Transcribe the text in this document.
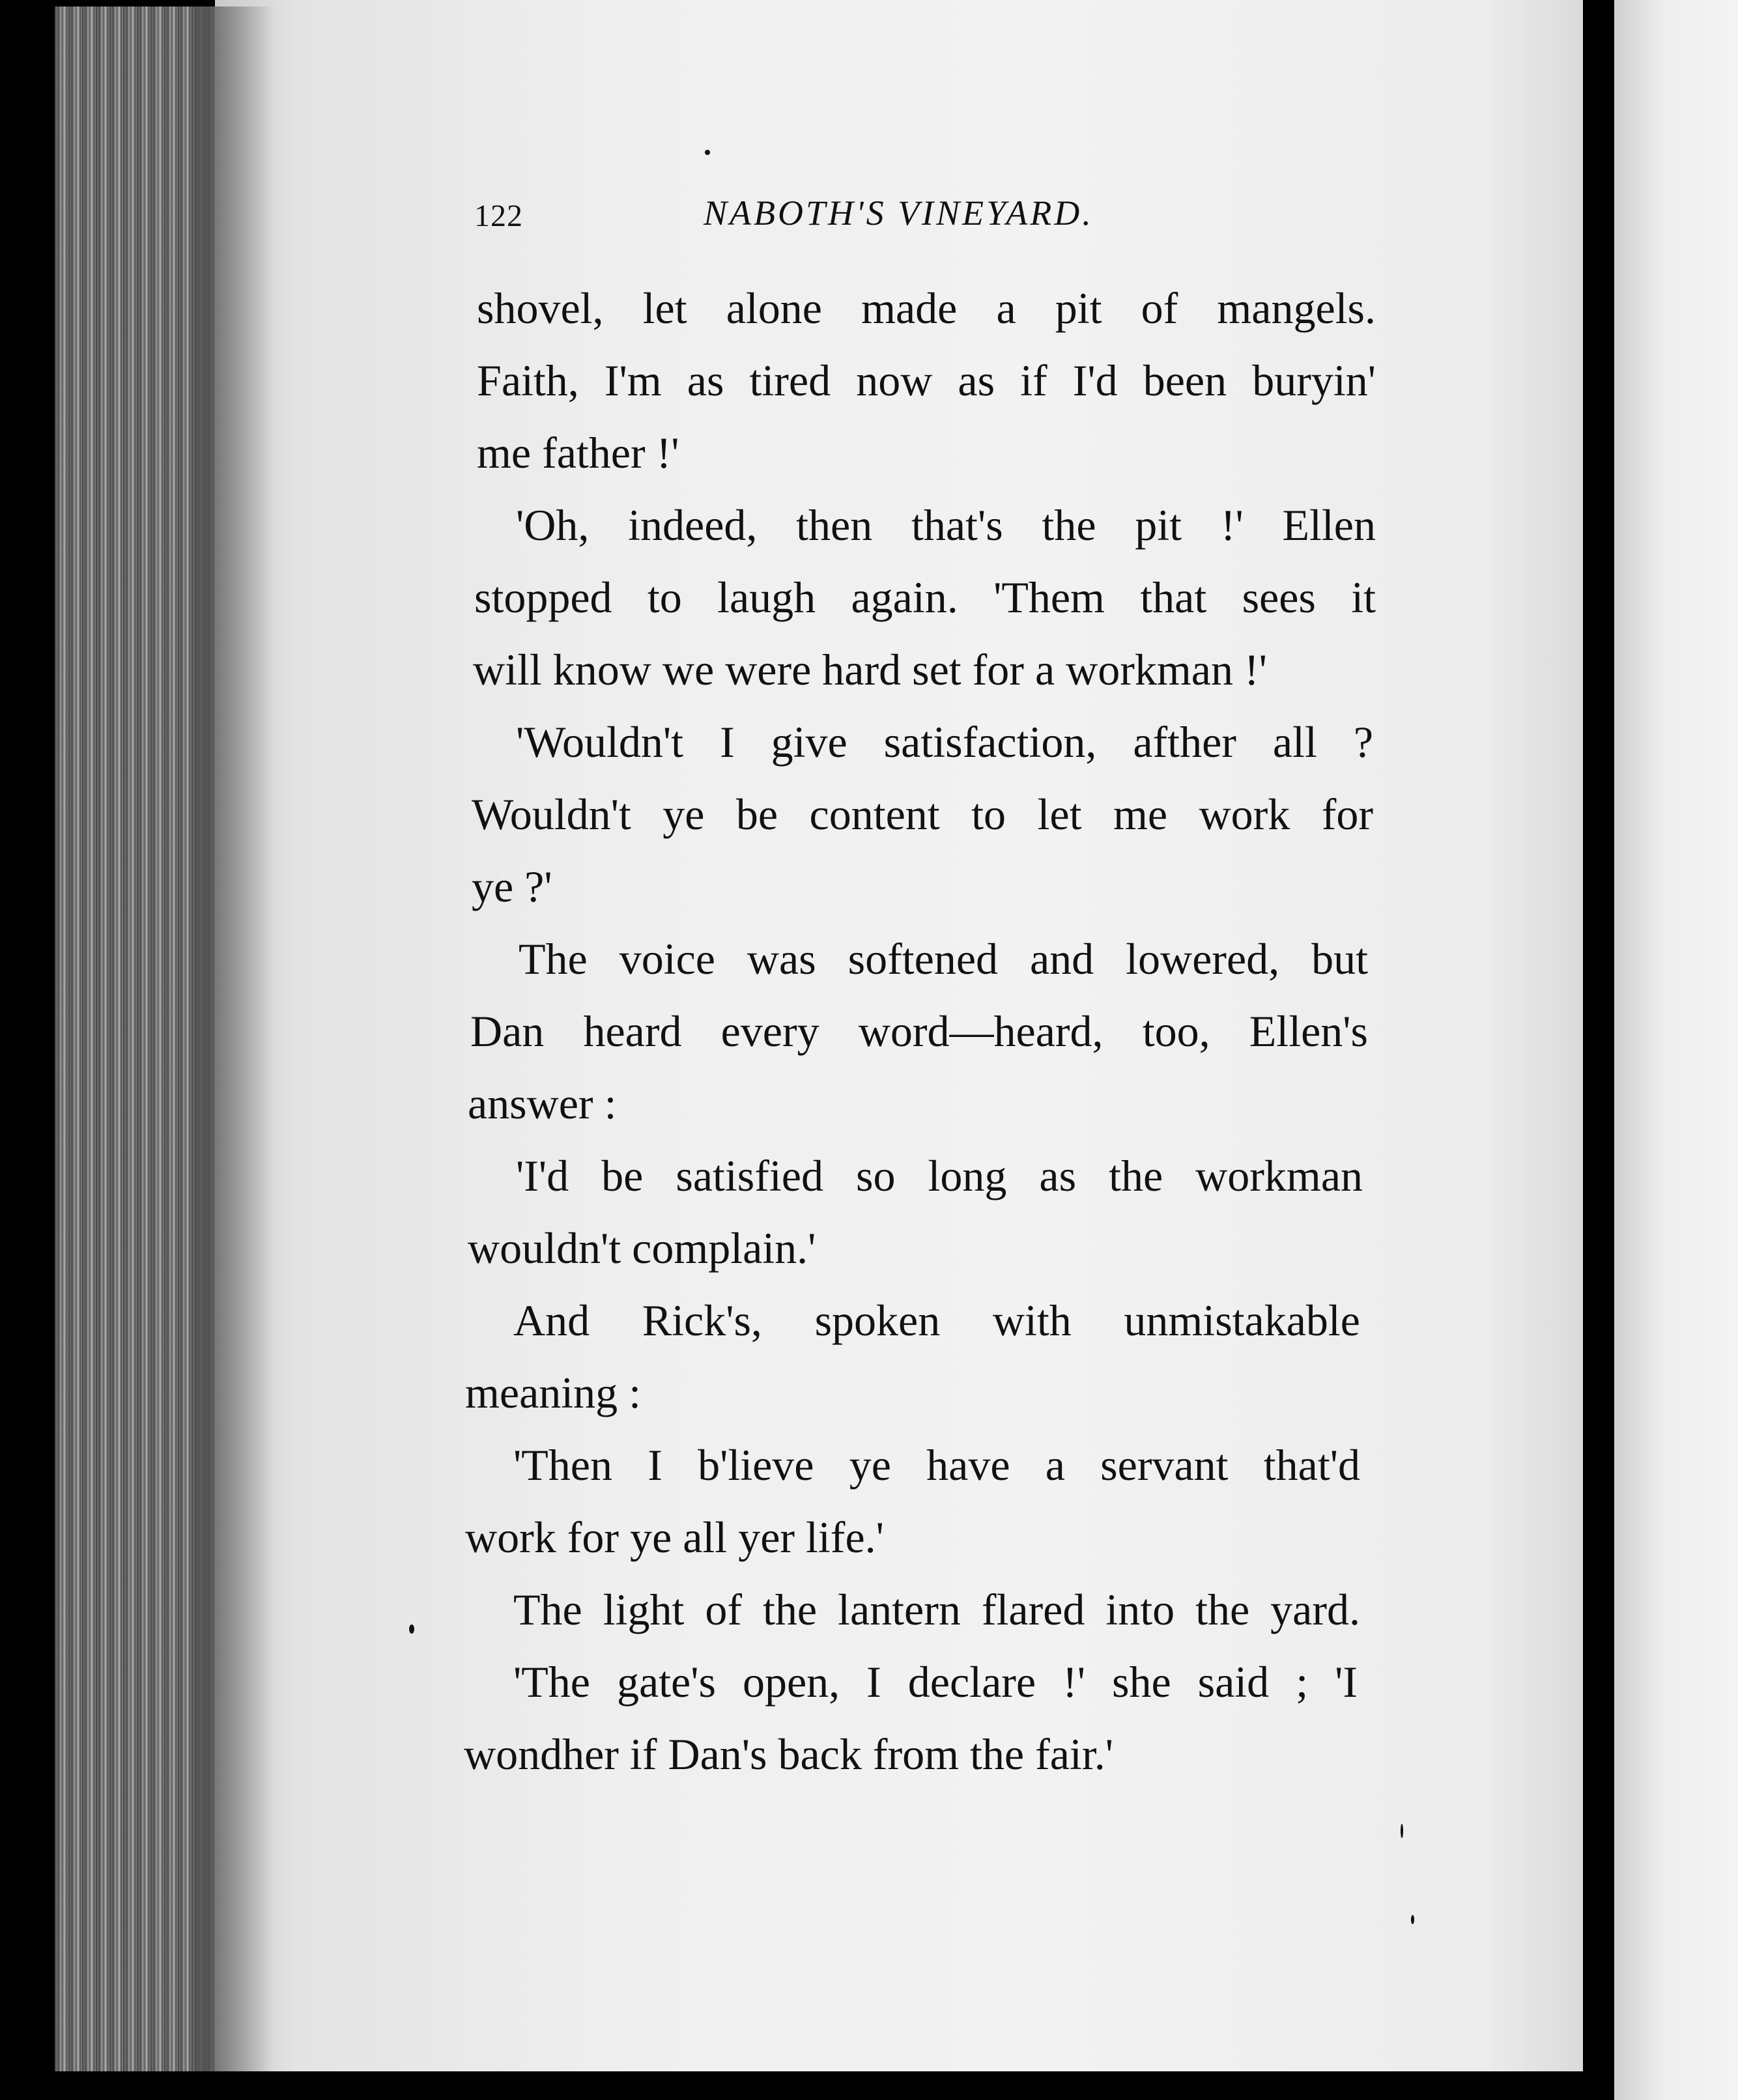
122	NABOTH'S VINEYARD.
shovel, let alone made a pit of mangels.
Faith, I'm as tired now as if I'd been buryin'
me father !'
'Oh, indeed, then that's the pit !' Ellen
stopped to laugh again. 'Them that sees it
will know we were hard set for a workman !'
'Wouldn't I give satisfaction, afther all ?
Wouldn't ye be content to let me work for
ye ?'
The voice was softened and lowered, but
Dan heard every word—heard, too, Ellen's
answer :
'I'd be satisfied so long as the workman
wouldn't complain.'
And Rick's, spoken with unmistakable
meaning :
'Then I b'lieve ye have a servant that'd
work for ye all yer life.'
The light of the lantern flared into the yard.
'The gate's open, I declare !' she said ; 'I
wondher if Dan's back from the fair.'
